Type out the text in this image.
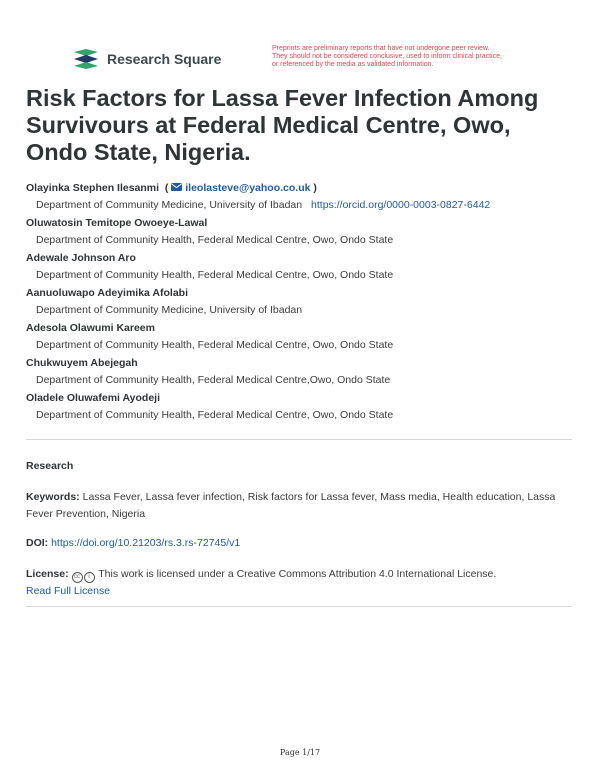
Research Square
Preprints are preliminary reports that have not undergone peer review.
They should not be considered conclusive, used to inform clinical practice,
or referenced by the media as validated information.
Risk Factors for Lassa Fever Infection Among Survivours at Federal Medical Centre, Owo, Ondo State, Nigeria.
Olayinka Stephen Ilesanmi ( ileolasteve@yahoo.co.uk )
Department of Community Medicine, University of Ibadan https://orcid.org/0000-0003-0827-6442
Oluwatosin Temitope Owoeye-Lawal
Department of Community Health, Federal Medical Centre, Owo, Ondo State
Adewale Johnson Aro
Department of Community Health, Federal Medical Centre, Owo, Ondo State
Aanuoluwapo Adeyimika Afolabi
Department of Community Medicine, University of Ibadan
Adesola Olawumi Kareem
Department of Community Health, Federal Medical Centre, Owo, Ondo State
Chukwuyem Abejegah
Department of Community Health, Federal Medical Centre,Owo, Ondo State
Oladele Oluwafemi Ayodeji
Department of Community Health, Federal Medical Centre, Owo, Ondo State
Research
Keywords: Lassa Fever, Lassa fever infection, Risk factors for Lassa fever, Mass media, Health education, Lassa Fever Prevention, Nigeria
DOI: https://doi.org/10.21203/rs.3.rs-72745/v1
License: cc i This work is licensed under a Creative Commons Attribution 4.0 International License.
Read Full License
Page 1/17
